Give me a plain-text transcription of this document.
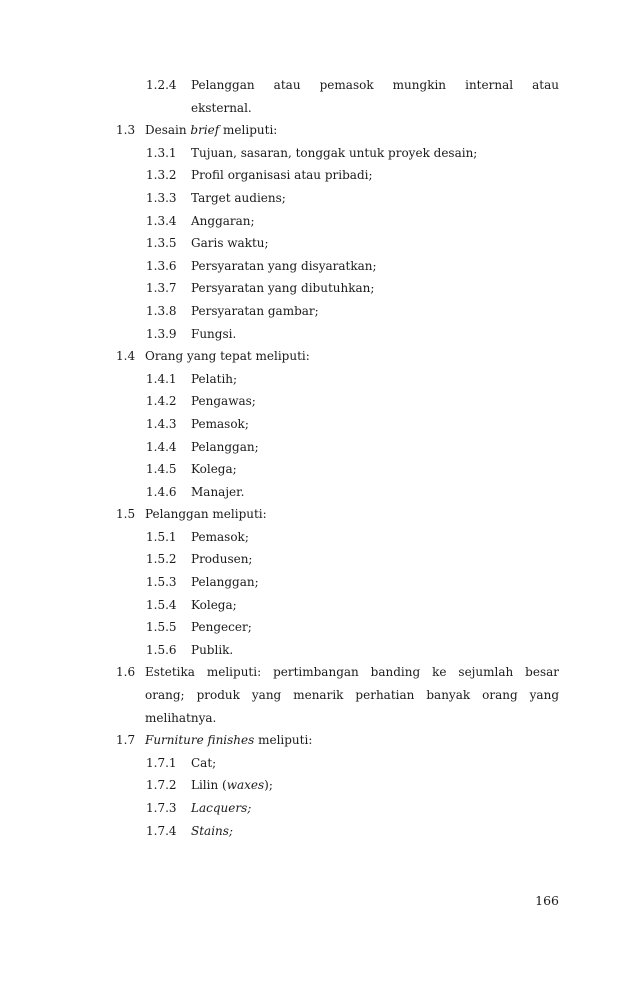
1.2.4 Pelanggan atau pemasok mungkin internal atau
eksternal.
1.3 Desain brief meliputi:
1.3.1 Tujuan, sasaran, tonggak untuk proyek desain;
1.3.2 Profil organisasi atau pribadi;
1.3.3 Target audiens;
1.3.4 Anggaran;
1.3.5 Garis waktu;
1.3.6 Persyaratan yang disyaratkan;
1.3.7 Persyaratan yang dibutuhkan;
1.3.8 Persyaratan gambar;
1.3.9 Fungsi.
1.4 Orang yang tepat meliputi:
1.4.1 Pelatih;
1.4.2 Pengawas;
1.4.3 Pemasok;
1.4.4 Pelanggan;
1.4.5 Kolega;
1.4.6 Manajer.
1.5 Pelanggan meliputi:
1.5.1 Pemasok;
1.5.2 Produsen;
1.5.3 Pelanggan;
1.5.4 Kolega;
1.5.5 Pengecer;
1.5.6 Publik.
1.6 Estetika meliputi: pertimbangan banding ke sejumlah besar
orang; produk yang menarik perhatian banyak orang yang
melihatnya.
1.7 Furniture finishes meliputi:
1.7.1 Cat;
1.7.2 Lilin (waxes);
1.7.3 Lacquers;
1.7.4 Stains;
166
